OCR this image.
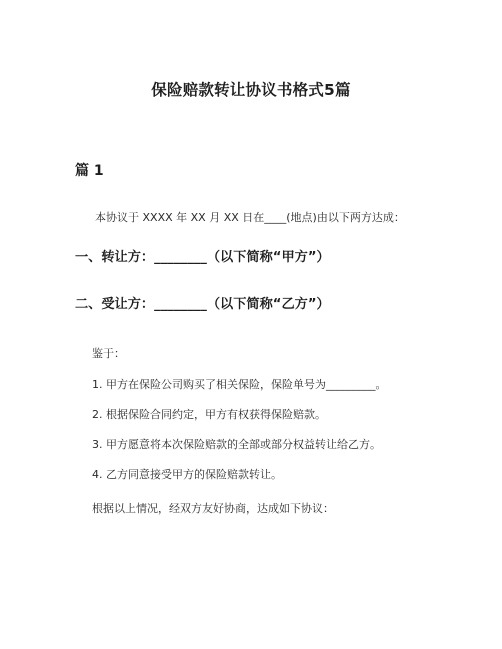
保险赔款转让协议书格式5篇
篇 1
本协议于 XXXX 年 XX 月 XX 日在____(地点)由以下两方达成：
一、转让方：________（以下简称“甲方”）
二、受让方：________（以下简称“乙方”）
鉴于：
1. 甲方在保险公司购买了相关保险，保险单号为_________。
2. 根据保险合同约定，甲方有权获得保险赔款。
3. 甲方愿意将本次保险赔款的全部或部分权益转让给乙方。
4. 乙方同意接受甲方的保险赔款转让。
根据以上情况，经双方友好协商，达成如下协议：
